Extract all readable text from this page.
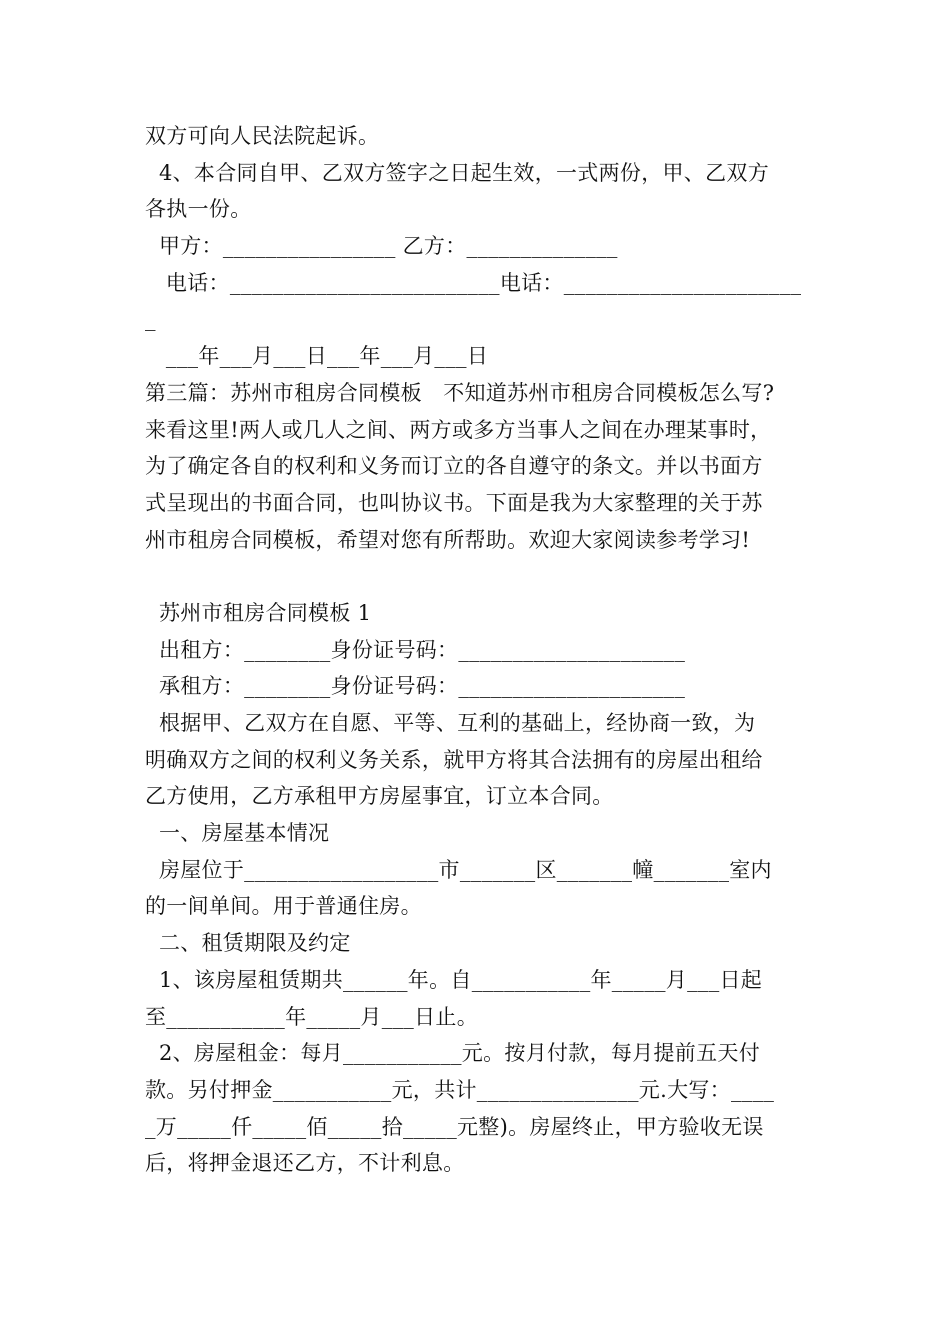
双方可向人民法院起诉。
4、本合同自甲、乙双方签字之日起生效，一式两份，甲、乙双方
各执一份。
甲方：________________ 乙方：______________
电话：_________________________电话：______________________
_
___年___月___日___年___月___日
第三篇：苏州市租房合同模板　不知道苏州市租房合同模板怎么写?
来看这里!两人或几人之间、两方或多方当事人之间在办理某事时，
为了确定各自的权利和义务而订立的各自遵守的条文。并以书面方
式呈现出的书面合同，也叫协议书。下面是我为大家整理的关于苏
州市租房合同模板，希望对您有所帮助。欢迎大家阅读参考学习!
苏州市租房合同模板 1
出租方：________身份证号码：_____________________
承租方：________身份证号码：_____________________
根据甲、乙双方在自愿、平等、互利的基础上，经协商一致，为
明确双方之间的权利义务关系，就甲方将其合法拥有的房屋出租给
乙方使用，乙方承租甲方房屋事宜，订立本合同。
一、房屋基本情况
房屋位于__________________市_______区_______幢_______室内
的一间单间。用于普通住房。
二、租赁期限及约定
1、该房屋租赁期共______年。自___________年_____月___日起
至___________年_____月___日止。
2、房屋租金：每月___________元。按月付款，每月提前五天付
款。另付押金___________元，共计_______________元.大写：____
_万_____仟_____佰_____拾_____元整)。房屋终止，甲方验收无误
后，将押金退还乙方，不计利息。
